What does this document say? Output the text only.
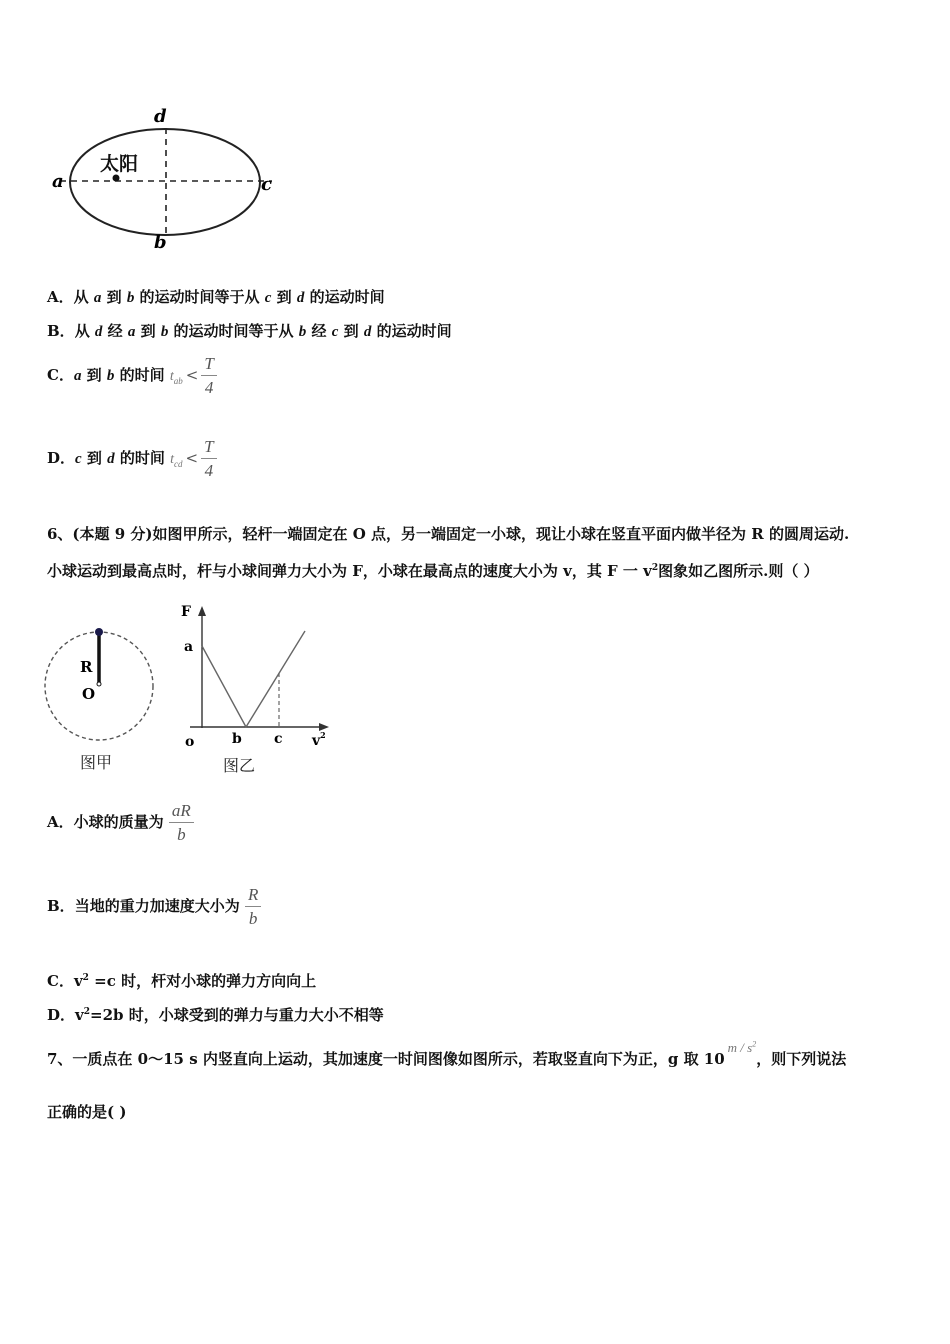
太阳
a	c
d
b
A．从 a 到 b 的运动时间等于从 c 到 d 的运动时间
B．从 d 经 a 到 b 的运动时间等于从 b 经 c 到 d 的运动时间
C．a 到 b 的时间 $t_{ab} < \frac{T}{4}$
D．c 到 d 的时间 $t_{cd} < \frac{T}{4}$
6、(本题 9 分)如图甲所示，轻杆一端固定在 O 点，另一端固定一小球，现让小球在竖直平面内做半径为 R 的圆周运动.
小球运动到最高点时，杆与小球间弹力大小为 F，小球在最高点的速度大小为 v，其 F 一 $v^2$图象如乙图所示.则（ ）
R
O
图甲
F
a
o	b c $v^2$
图乙
A．小球的质量为 $\frac{aR}{b}$
B．当地的重力加速度大小为 $\frac{R}{b}$
C．$v^2 =c$ 时，杆对小球的弹力方向向上
D．$v^2=2b$ 时，小球受到的弹力与重力大小不相等
7、一质点在 0～15 s 内竖直向上运动，其加速度一时间图像如图所示，若取竖直向下为正，g 取 $10m / s^2$，则下列说法
正确的是( )
